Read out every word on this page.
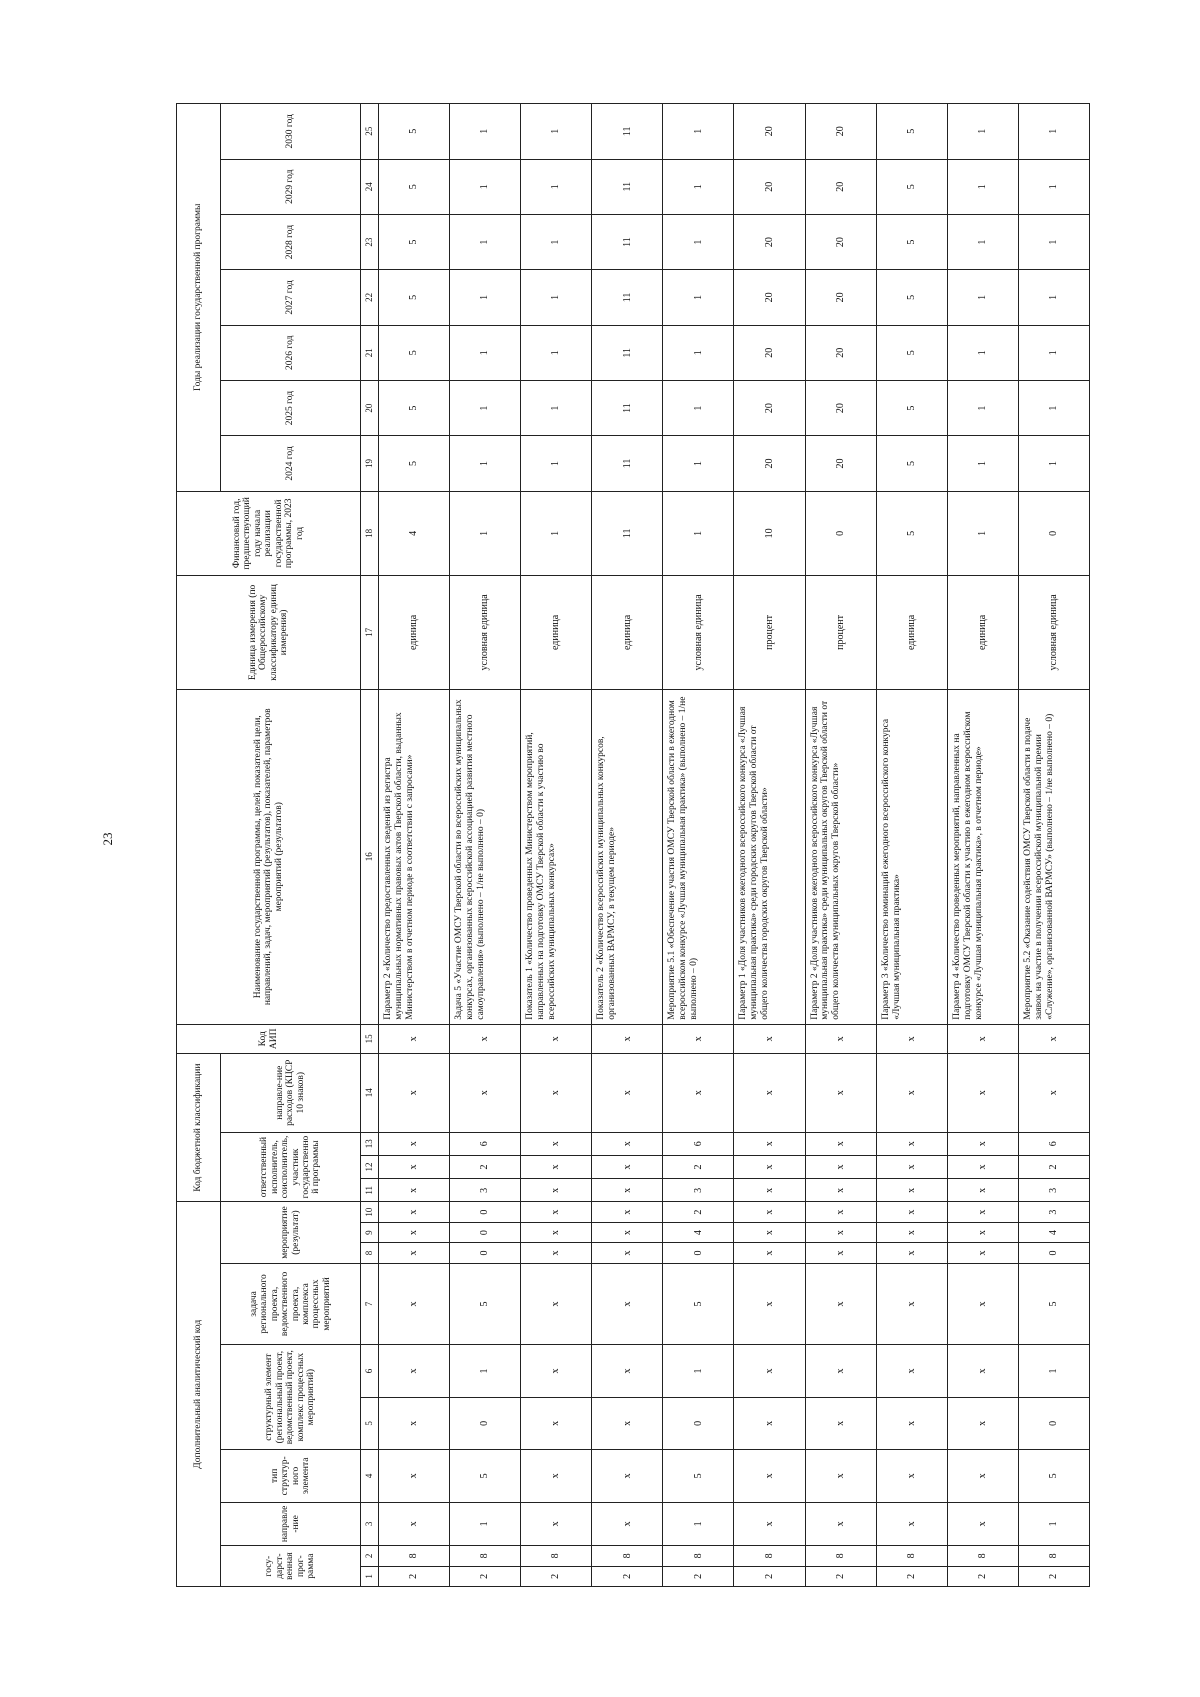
23
Дополнительный аналитический код										Код бюджетной классификации				Код АИП	Наименование государственной программы, целей, показателей цели, направлений, задач, мероприятий (результатов), показателей, параметров мероприятий (результатов)	Единица измерения (по Общероссийскому классификатору единиц измерения)	Финансовый год, предшествующий году начала реализации государственной программы, 2023 год	Годы реализации государственной программы						
госу-дарст-венная прог-рамма		направле-ние	тип структур-ного элемента	структурный элемент (региональный проект, ведомственный проект, комплекс процессных мероприятий)		задача регионального проекта, ведомственного проекта, комплекса процессных мероприятий	мероприятие (результат)			ответственный исполнитель, соисполнитель, участник государственной программы			направле-ние расходов (КЦСР 10 знаков)					2024 год	2025 год	2026 год	2027 год	2028 год	2029 год	2030 год
1	2	3	4	5	6	7	8	9	10	11	12	13	14	15	16	17	18	19	20	21	22	23	24	25
2	8	х	х	х	х	х	х	х	х	х	х	х	х	х	Параметр 2 «Количество предоставленных сведений из регистра муниципальных нормативных правовых актов Тверской области, выданных Министерством в отчетном периоде в соответствии с запросами»	единица	4	5	5	5	5	5	5	5
2	8	1	5	0	1	5	0	0	0	3	2	6	х	х	Задача 5 «Участие ОМСУ Тверской области во всероссийских муниципальных конкурсах, организованных всероссийской ассоциацией развития местного самоуправления» (выполнено – 1/не выполнено – 0)	условная единица	1	1	1	1	1	1	1	1
2	8	х	х	х	х	х	х	х	х	х	х	х	х	х	Показатель 1 «Количество проведенных Министерством мероприятий, направленных на подготовку ОМСУ Тверской области к участию во всероссийских муниципальных конкурсах»	единица	1	1	1	1	1	1	1	1
2	8	х	х	х	х	х	х	х	х	х	х	х	х	х	Показатель 2 «Количество всероссийских муниципальных конкурсов, организованных ВАРМСУ, в текущем периоде»	единица	11	11	11	11	11	11	11	11
2	8	1	5	0	1	5	0	4	2	3	2	6	х	х	Мероприятие 5.1 «Обеспечение участия ОМСУ Тверской области в ежегодном всероссийском конкурсе «Лучшая муниципальная практика» (выполнено – 1/не выполнено – 0)	условная единица	1	1	1	1	1	1	1	1
2	8	х	х	х	х	х	х	х	х	х	х	х	х	х	Параметр 1 «Доля участников ежегодного всероссийского конкурса «Лучшая муниципальная практика» среди городских округов Тверской области от общего количества городских округов Тверской области»	процент	10	20	20	20	20	20	20	20
2	8	х	х	х	х	х	х	х	х	х	х	х	х	х	Параметр 2 «Доля участников ежегодного всероссийского конкурса «Лучшая муниципальная практика» среди муниципальных округов Тверской области от общего количества муниципальных округов Тверской области»	процент	0	20	20	20	20	20	20	20
2	8	х	х	х	х	х	х	х	х	х	х	х	х	х	Параметр 3 «Количество номинаций ежегодного всероссийского конкурса «Лучшая муниципальная практика»	единица	5	5	5	5	5	5	5	5
2	8	х	х	х	х	х	х	х	х	х	х	х	х	х	Параметр 4 «Количество проведенных мероприятий, направленных на подготовку ОМСУ Тверской области к участию в ежегодном всероссийском конкурсе «Лучшая муниципальная практика», в отчетном периоде»	единица	1	1	1	1	1	1	1	1
2	8	1	5	0	1	5	0	4	3	3	2	6	х	х	Мероприятие 5.2 «Оказание содействия ОМСУ Тверской области в подаче заявок на участие в получении всероссийской муниципальной премии «Служение», организованной ВАРМСУ» (выполнено – 1/не выполнено – 0)	условная единица	0	1	1	1	1	1	1	1
